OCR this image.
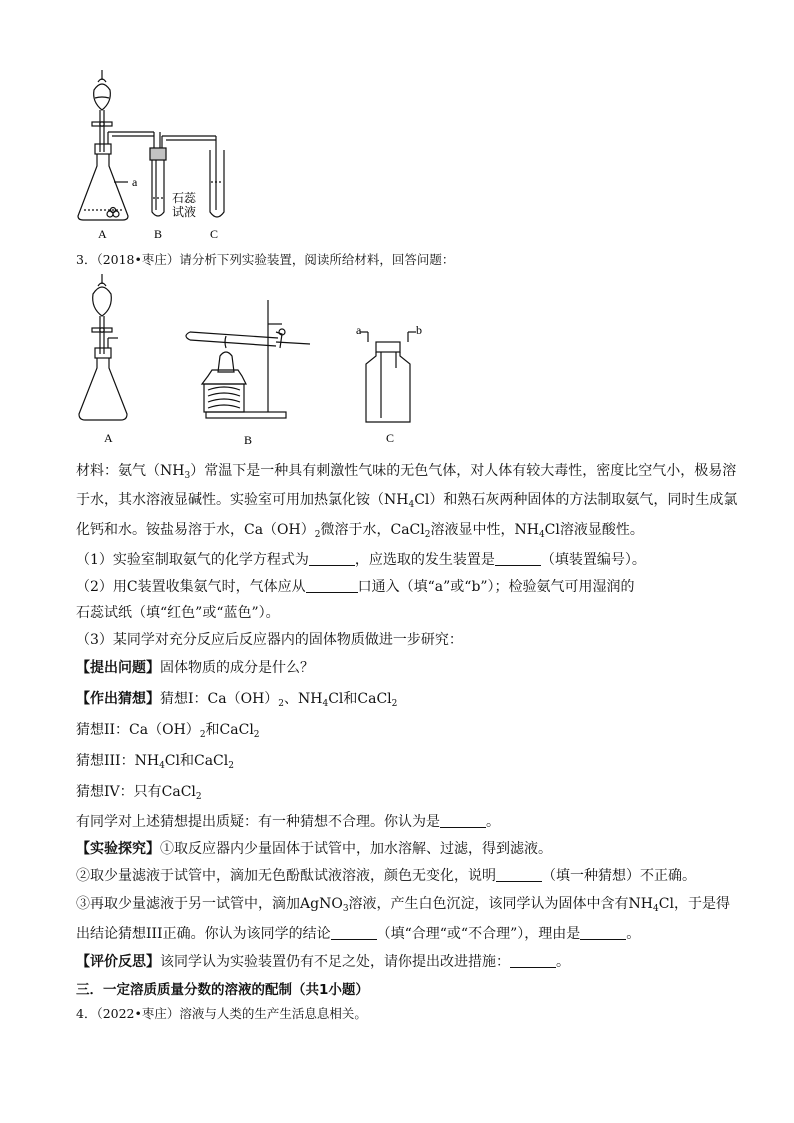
a
石蕊
试液
A	B	C
3．（2018•枣庄）请分析下列实验装置，阅读所给材料，回答问题：
A	B	C
a	b
材料：氨气$(NH_3)$常温下是一种具有刺激性气味的无色气体，对人体有较大毒性，密度比空气小，极易溶
于水，其水溶液显碱性。实验室可用加热氯化铵$(NH_4Cl)$和熟石灰两种固体的方法制取氨气，同时生成氯
化钙和水。铵盐易溶于水，$Ca(OH)_2$微溶于水，CaCl$_2$溶液显中性，$NH_4Cl$溶液显酸性。
（1）实验室制取氨气的化学方程式为	，应选取的发生装置是	（填装置编号）。
（2）用C装置收集氨气时，气体应从	口通入（填“a”或“b”）；检验氨气可用湿润的
石蕊试纸（填“红色”或“蓝色”）。
（3）某同学对充分反应后反应器内的固体物质做进一步研究：
【提出问题】固体物质的成分是什么？
【作出猜想】猜想I：$Ca(OH)_2$、$NH_4Cl$和CaCl$_2$
猜想II：$Ca(OH)_2$和CaCl$_2$
猜想III：$NH_4Cl$和CaCl$_2$
猜想IV：只有CaCl$_2$
有同学对上述猜想提出质疑：有一种猜想不合理。你认为是	。
【实验探究】①取反应器内少量固体于试管中，加水溶解、过滤，得到滤液。
②取少量滤液于试管中，滴加无色酚酞试液溶液，颜色无变化，说明	（填一种猜想）不正确。
③再取少量滤液于另一试管中，滴加AgNO$_3$溶液，产生白色沉淀，该同学认为固体中含有$NH_4Cl$，于是得
出结论猜想III正确。你认为该同学的结论	（填“合理“或“不合理”），理由是	。
【评价反思】该同学认为实验装置仍有不足之处，请你提出改进措施：	。
三．一定溶质质量分数的溶液的配制（共1小题）
4．（2022•枣庄）溶液与人类的生产生活息息相关。
